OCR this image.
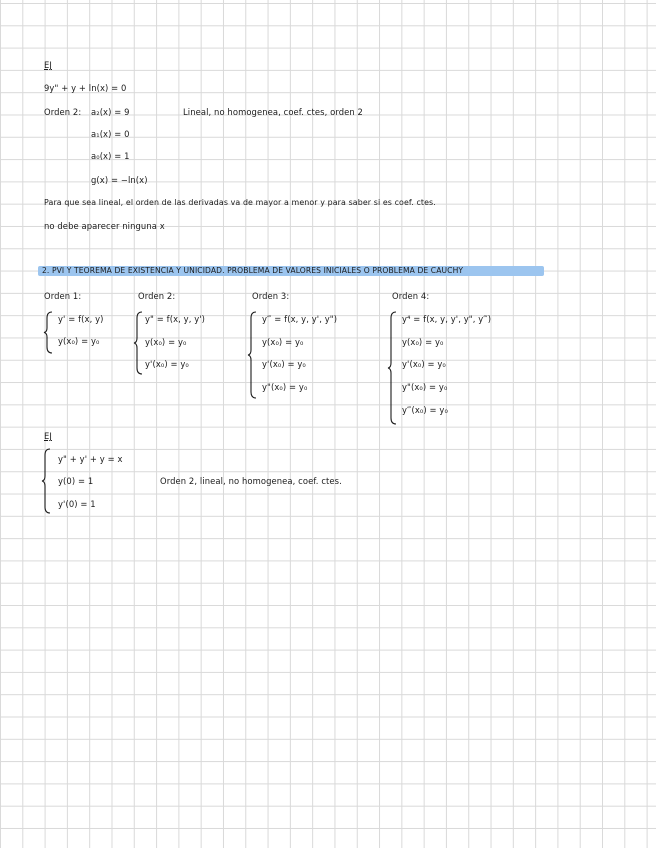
EJ
9y" + y + ln(x) = 0
Orden 2: a₂(x) = 9	Lineal, no homogenea, coef. ctes, orden 2
a₁(x) = 0
a₀(x) = 1
g(x) = −ln(x)
Para que sea lineal, el orden de las derivadas va de mayor a menor y para saber si es coef. ctes.
no debe aparecer ninguna x
2. PVI Y TEOREMA DE EXISTENCIA Y UNICIDAD. PROBLEMA DE VALORES INICIALES O PROBLEMA DE CAUCHY
Orden 1:
y' = f(x, y)
y(x₀) = y₀
Orden 2:
y" = f(x, y, y')
y(x₀) = y₀
y'(x₀) = y₀
Orden 3:
y‴ = f(x, y, y', y")
y(x₀) = y₀
y'(x₀) = y₀
y"(x₀) = y₀
Orden 4:
y⁴ = f(x, y, y', y", y‴)
y(x₀) = y₀
y'(x₀) = y₀
y"(x₀) = y₀
y‴(x₀) = y₀
EJ
y" + y' + y = x
y(0) = 1	Orden 2, lineal, no homogenea, coef. ctes.
y'(0) = 1
